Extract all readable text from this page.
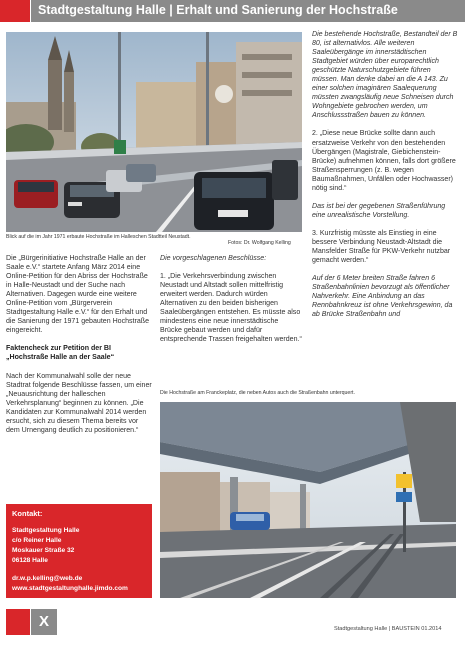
Stadtgestaltung Halle | Erhalt und Sanierung der Hochstraße
Blick auf die im Jahr 1971 erbaute Hochstraße im Halleschen Stadtteil Neustadt.
Fotos: Dr. Wolfgang Kelling

Die bestehende Hochstraße, Bestandteil der B 80, ist alternativlos. Alle weiteren Saaleübergänge im innerstädtischen Stadtgebiet würden über europarechtlich geschützte Naturschutzgebiete führen müssen. Man denke dabei an die A 143. Zu einer solchen imaginären Saalequerung müssten zwangsläufig neue Schneisen durch Wohngebiete gebrochen werden, um Anschlussstraßen bauen zu können.

2. „Diese neue Brücke sollte dann auch ersatzweise Verkehr von den bestehenden Übergängen (Magistrale, Giebichenstein-Brücke) aufnehmen können, falls dort größere Straßensperrungen (z. B. wegen Baumaßnahmen, Unfällen oder Hochwasser) nötig sind.“

Das ist bei der gegebenen Straßenführung eine unrealistische Vorstellung.

3. Kurzfristig müsste als Einstieg in eine bessere Verbindung Neustadt-Altstadt die Mansfelder Straße für PKW-Verkehr nutzbar gemacht werden.“

Auf der 6 Meter breiten Straße fahren 6 Straßenbahnlinien bevorzugt als öffentlicher Nahverkehr. Eine Anbindung an das Rennbahnkreuz ist ohne Verkehrsgewinn, da ab Brücke Straßenbahn und

Die „Bürgerinitiative Hochstraße Halle an der Saale e.V.“ startete Anfang März 2014 eine Online-Petition für den Abriss der Hochstraße in Halle-Neustadt und der Suche nach Alternativen. Dagegen wurde eine weitere Online-Petition vom „Bürgerverein Stadtgestaltung Halle e.V.“ für den Erhalt und die Sanierung der 1971 gebauten Hochstraße eingereicht.

Faktencheck zur Petition der BI „Hochstraße Halle an der Saale“

Nach der Kommunalwahl solle der neue Stadtrat folgende Beschlüsse fassen, um einer „Neuausrichtung der halleschen Verkehrsplanung“ beginnen zu können. „Die Kandidaten zur Kommunalwahl 2014 werden ersucht, sich zu diesem Thema bereits vor dem Urnengang deutlich zu positionieren.“

Die vorgeschlagenen Beschlüsse:

1. „Die Verkehrsverbindung zwischen Neustadt und Altstadt sollen mittelfristig erweitert werden. Dadurch würden Alternativen zu den beiden bisherigen Saaleübergängen entstehen. Es müsste also mindestens eine neue innerstädtische Brücke gebaut werden und dafür entsprechende Trassen freigehalten werden.“

Die Hochstraße am Franckeplatz, die neben Autos auch die Straßenbahn unterquert.
Kontakt:
Stadtgestaltung Halle
c/o Reiner Halle
Moskauer Straße 32
06128 Halle
dr.w.p.kelling@web.de
www.stadtgestaltunghalle.jimdo.com
X	Stadtgestaltung Halle | BAUSTEIN 01.2014
